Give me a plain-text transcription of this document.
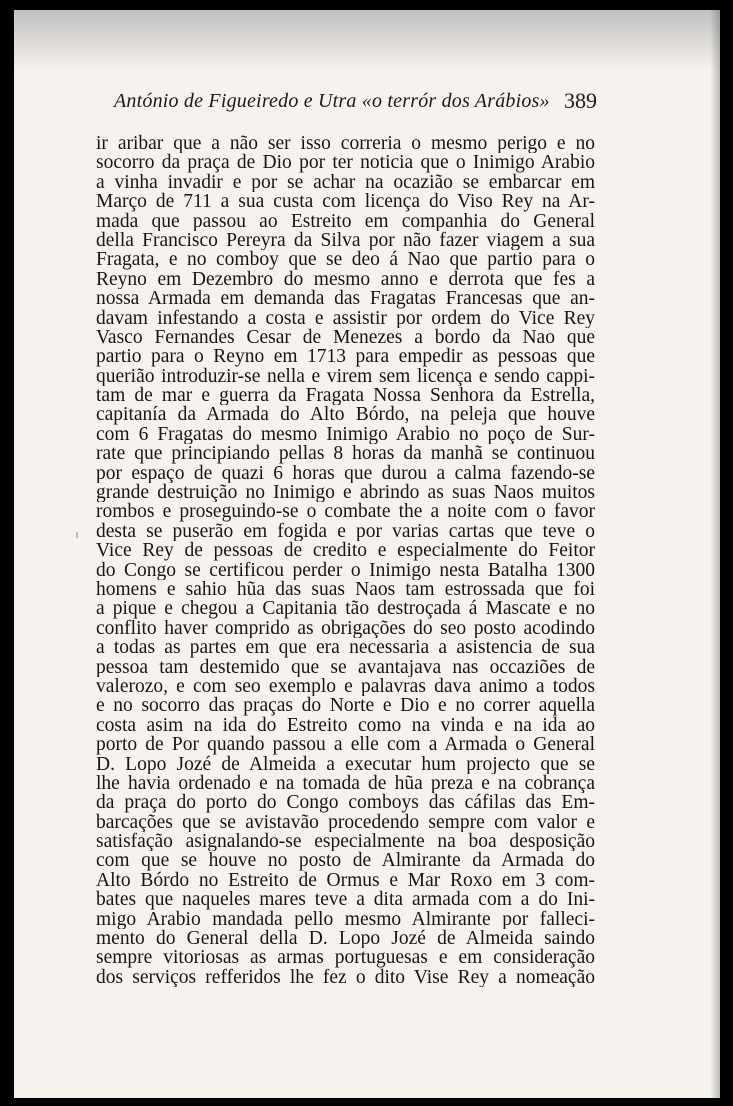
António de Figueiredo e Utra «o terrór dos Arábios» 389
ir aribar que a não ser isso correria o mesmo perigo e no
socorro da praça de Dio por ter noticia que o Inimigo Arabio
a vinha invadir e por se achar na ocazião se embarcar em
Março de 711 a sua custa com licença do Viso Rey na Ar-
mada que passou ao Estreito em companhia do General
della Francisco Pereyra da Silva por não fazer viagem a sua
Fragata, e no comboy que se deo á Nao que partio para o
Reyno em Dezembro do mesmo anno e derrota que fes a
nossa Armada em demanda das Fragatas Francesas que an-
davam infestando a costa e assistir por ordem do Vice Rey
Vasco Fernandes Cesar de Menezes a bordo da Nao que
partio para o Reyno em 1713 para empedir as pessoas que
querião introduzir-se nella e virem sem licença e sendo cappi-
tam de mar e guerra da Fragata Nossa Senhora da Estrella,
capitanía da Armada do Alto Bórdo, na peleja que houve
com 6 Fragatas do mesmo Inimigo Arabio no poço de Sur-
rate que principiando pellas 8 horas da manhã se continuou
por espaço de quazi 6 horas que durou a calma fazendo-se
grande destruição no Inimigo e abrindo as suas Naos muitos
rombos e proseguindo-se o combate the a noite com o favor
desta se puserão em fogida e por varias cartas que teve o
Vice Rey de pessoas de credito e especialmente do Feitor
do Congo se certificou perder o Inimigo nesta Batalha 1300
homens e sahio hũa das suas Naos tam estrossada que foi
a pique e chegou a Capitania tão destroçada á Mascate e no
conflito haver comprido as obrigações do seo posto acodindo
a todas as partes em que era necessaria a asistencia de sua
pessoa tam destemido que se avantajava nas occaziões de
valerozo, e com seo exemplo e palavras dava animo a todos
e no socorro das praças do Norte e Dio e no correr aquella
costa asim na ida do Estreito como na vinda e na ida ao
porto de Por quando passou a elle com a Armada o General
D. Lopo Jozé de Almeida a executar hum projecto que se
lhe havia ordenado e na tomada de hũa preza e na cobrança
da praça do porto do Congo comboys das cáfilas das Em-
barcações que se avistavão procedendo sempre com valor e
satisfação asignalando-se especialmente na boa desposição
com que se houve no posto de Almirante da Armada do
Alto Bórdo no Estreito de Ormus e Mar Roxo em 3 com-
bates que naqueles mares teve a dita armada com a do Ini-
migo Arabio mandada pello mesmo Almirante por falleci-
mento do General della D. Lopo Jozé de Almeida saindo
sempre vitoriosas as armas portuguesas e em consideração
dos serviços refferidos lhe fez o dito Vise Rey a nomeação
